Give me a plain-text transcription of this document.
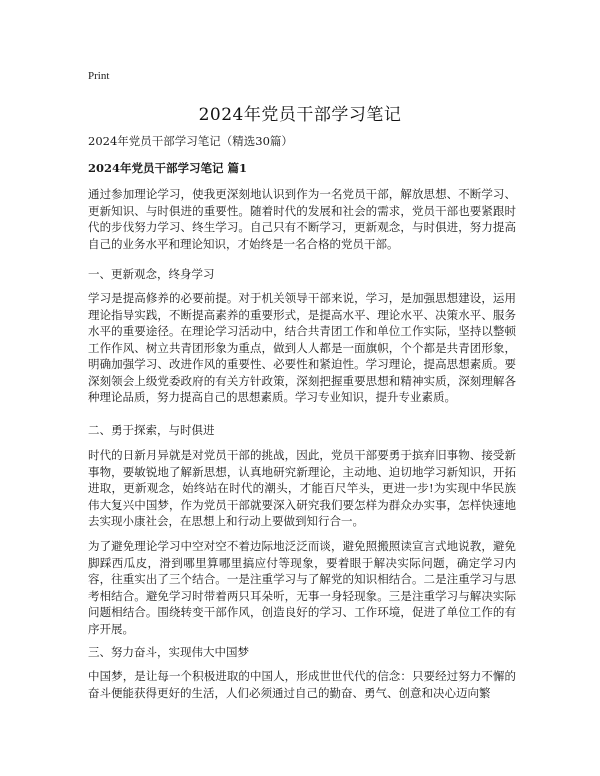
Print
2024年党员干部学习笔记
2024年党员干部学习笔记（精选30篇）
2024年党员干部学习笔记 篇1

通过参加理论学习，使我更深刻地认识到作为一名党员干部，解放思想、不断学习、更新知识、与时俱进的重要性。随着时代的发展和社会的需求，党员干部也要紧跟时代的步伐努力学习、终生学习。自己只有不断学习，更新观念，与时俱进，努力提高自己的业务水平和理论知识，才始终是一名合格的党员干部。

一、更新观念，终身学习

学习是提高修养的必要前提。对于机关领导干部来说，学习，是加强思想建设，运用理论指导实践，不断提高素养的重要形式，是提高水平、理论水平、决策水平、服务水平的重要途径。在理论学习活动中，结合共青团工作和单位工作实际，坚持以整顿工作作风、树立共青团形象为重点，做到人人都是一面旗帜，个个都是共青团形象，明确加强学习、改进作风的重要性、必要性和紧迫性。学习理论，提高思想素质。要深刻领会上级党委政府的有关方针政策，深刻把握重要思想和精神实质，深刻理解各种理论品质，努力提高自己的思想素质。学习专业知识，提升专业素质。

二、勇于探索，与时俱进

时代的日新月异就是对党员干部的挑战，因此，党员干部要勇于摈弃旧事物、接受新事物，要敏锐地了解新思想，认真地研究新理论，主动地、迫切地学习新知识，开拓进取，更新观念，始终站在时代的潮头，才能百尺竿头，更进一步!为实现中华民族伟大复兴中国梦，作为党员干部就要深入研究我们要怎样为群众办实事，怎样快速地去实现小康社会，在思想上和行动上要做到知行合一。

为了避免理论学习中空对空不着边际地泛泛而谈，避免照搬照读宣言式地说教，避免脚踩西瓜皮，滑到哪里算哪里搞应付等现象，要着眼于解决实际问题，确定学习内容，往重实出了三个结合。一是注重学习与了解党的知识相结合。二是注重学习与思考相结合。避免学习时带着两只耳朵听，无事一身轻现象。三是注重学习与解决实际问题相结合。围绕转变干部作风，创造良好的学习、工作环境，促进了单位工作的有序开展。

三、努力奋斗，实现伟大中国梦

中国梦，是让每一个积极进取的中国人，形成世世代代的信念：只要经过努力不懈的奋斗便能获得更好的生活，人们必须通过自己的勤奋、勇气、创意和决心迈向繁
